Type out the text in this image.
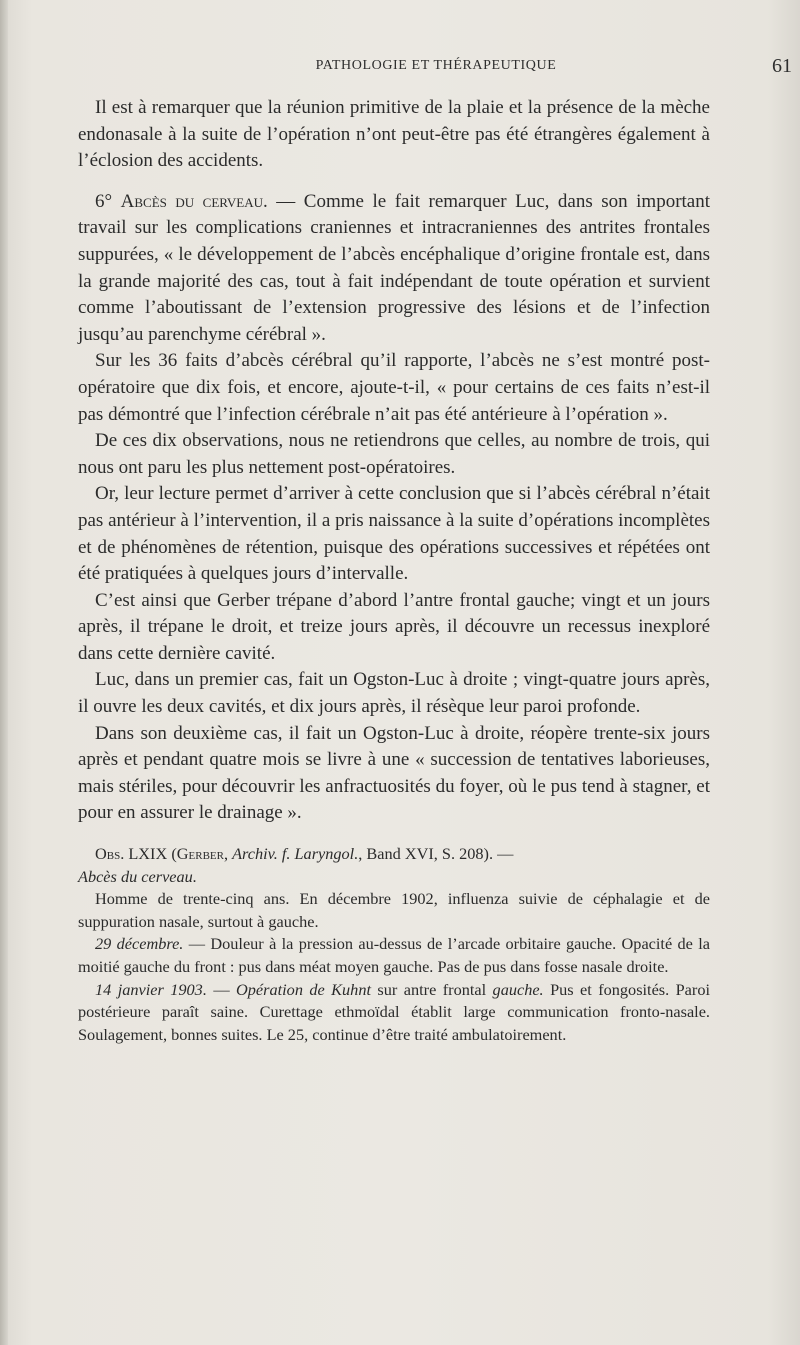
PATHOLOGIE ET THÉRAPEUTIQUE	61

Il est à remarquer que la réunion primitive de la plaie et la présence de la mèche endonasale à la suite de l’opération n’ont peut-être pas été étrangères également à l’éclosion des accidents.

6° Abcès du cerveau. — Comme le fait remarquer Luc, dans son important travail sur les complications craniennes et intracraniennes des antrites frontales suppurées, « le développement de l’abcès encéphalique d’origine frontale est, dans la grande majorité des cas, tout à fait indépendant de toute opération et survient comme l’aboutissant de l’extension progressive des lésions et de l’infection jusqu’au parenchyme cérébral ».

Sur les 36 faits d’abcès cérébral qu’il rapporte, l’abcès ne s’est montré post-opératoire que dix fois, et encore, ajoute-t-il, « pour certains de ces faits n’est-il pas démontré que l’infection cérébrale n’ait pas été antérieure à l’opération ».

De ces dix observations, nous ne retiendrons que celles, au nombre de trois, qui nous ont paru les plus nettement post-opératoires.

Or, leur lecture permet d’arriver à cette conclusion que si l’abcès cérébral n’était pas antérieur à l’intervention, il a pris naissance à la suite d’opérations incomplètes et de phénomènes de rétention, puisque des opérations successives et répétées ont été pratiquées à quelques jours d’intervalle.

C’est ainsi que Gerber trépane d’abord l’antre frontal gauche; vingt et un jours après, il trépane le droit, et treize jours après, il découvre un recessus inexploré dans cette dernière cavité.

Luc, dans un premier cas, fait un Ogston-Luc à droite ; vingt-quatre jours après, il ouvre les deux cavités, et dix jours après, il résèque leur paroi profonde.

Dans son deuxième cas, il fait un Ogston-Luc à droite, réopère trente-six jours après et pendant quatre mois se livre à une « succession de tentatives laborieuses, mais stériles, pour découvrir les anfractuosités du foyer, où le pus tend à stagner, et pour en assurer le drainage ».

Obs. LXIX (Gerber, Archiv. f. Laryngol., Band XVI, S. 208). —

Abcès du cerveau.

Homme de trente-cinq ans. En décembre 1902, influenza suivie de céphalagie et de suppuration nasale, surtout à gauche.

29 décembre. — Douleur à la pression au-dessus de l’arcade orbitaire gauche. Opacité de la moitié gauche du front : pus dans méat moyen gauche. Pas de pus dans fosse nasale droite.

14 janvier 1903. — Opération de Kuhnt sur antre frontal gauche. Pus et fongosités. Paroi postérieure paraît saine. Curettage ethmoïdal établit large communication fronto-nasale. Soulagement, bonnes suites. Le 25, continue d’être traité ambulatoirement.
